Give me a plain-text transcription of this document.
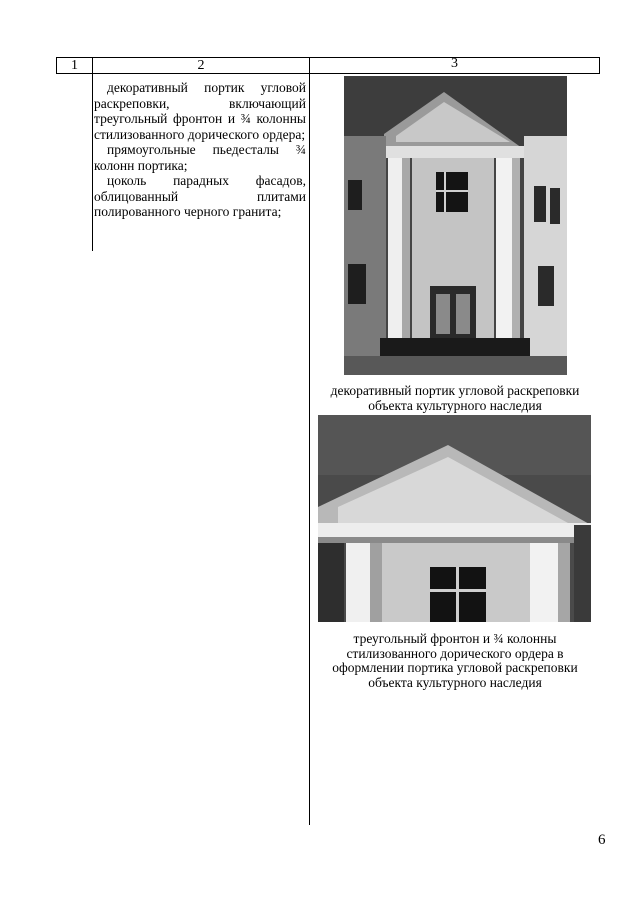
1	2	3

декоративный портик угловой раскреповки, включающий треугольный фронтон и ¾ колонны стилизованного дорического ордера;

прямоугольные пьедесталы ¾ колонн портика;

цоколь парадных фасадов, облицованный плитами полированного черного гранита;

декоративный портик угловой раскреповки объекта культурного наследия
треугольный фронтон и ¾ колонны стилизованного дорического ордера в оформлении портика угловой раскреповки объекта культурного наследия
6
